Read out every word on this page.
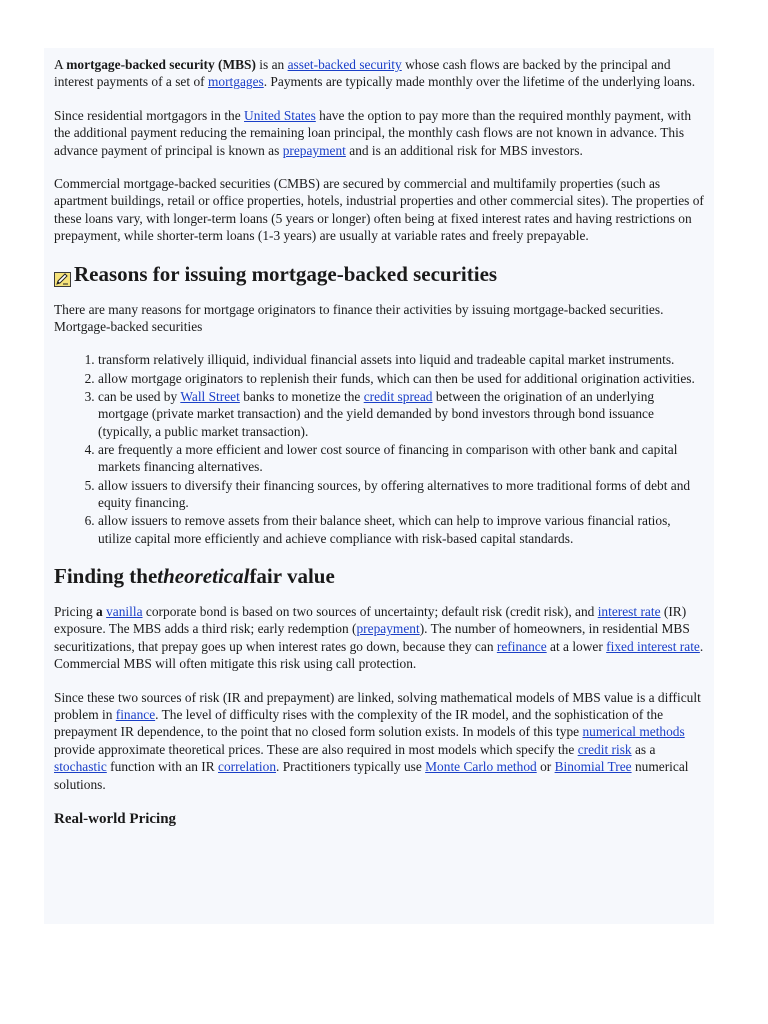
A mortgage-backed security (MBS) is an asset-backed security whose cash flows are backed by the principal and interest payments of a set of mortgages. Payments are typically made monthly over the lifetime of the underlying loans.

Since residential mortgagors in the United States have the option to pay more than the required monthly payment, with the additional payment reducing the remaining loan principal, the monthly cash flows are not known in advance. This advance payment of principal is known as prepayment and is an additional risk for MBS investors.

Commercial mortgage-backed securities (CMBS) are secured by commercial and multifamily properties (such as apartment buildings, retail or office properties, hotels, industrial properties and other commercial sites). The properties of these loans vary, with longer-term loans (5 years or longer) often being at fixed interest rates and having restrictions on prepayment, while shorter-term loans (1-3 years) are usually at variable rates and freely prepayable.

Reasons for issuing mortgage-backed securities

There are many reasons for mortgage originators to finance their activities by issuing mortgage-backed securities. Mortgage-backed securities

1. transform relatively illiquid, individual financial assets into liquid and tradeable capital market instruments.
2. allow mortgage originators to replenish their funds, which can then be used for additional origination activities.
3. can be used by Wall Street banks to monetize the credit spread between the origination of an underlying mortgage (private market transaction) and the yield demanded by bond investors through bond issuance (typically, a public market transaction).
4. are frequently a more efficient and lower cost source of financing in comparison with other bank and capital markets financing alternatives.
5. allow issuers to diversify their financing sources, by offering alternatives to more traditional forms of debt and equity financing.
6. allow issuers to remove assets from their balance sheet, which can help to improve various financial ratios, utilize capital more efficiently and achieve compliance with risk-based capital standards.
Finding the theoretical fair value

Pricing a vanilla corporate bond is based on two sources of uncertainty; default risk (credit risk), and interest rate (IR) exposure. The MBS adds a third risk; early redemption (prepayment). The number of homeowners, in residential MBS securitizations, that prepay goes up when interest rates go down, because they can refinance at a lower fixed interest rate. Commercial MBS will often mitigate this risk using call protection.

Since these two sources of risk (IR and prepayment) are linked, solving mathematical models of MBS value is a difficult problem in finance. The level of difficulty rises with the complexity of the IR model, and the sophistication of the prepayment IR dependence, to the point that no closed form solution exists. In models of this type numerical methods provide approximate theoretical prices. These are also required in most models which specify the credit risk as a stochastic function with an IR correlation. Practitioners typically use Monte Carlo method or Binomial Tree numerical solutions.

Real-world Pricing
